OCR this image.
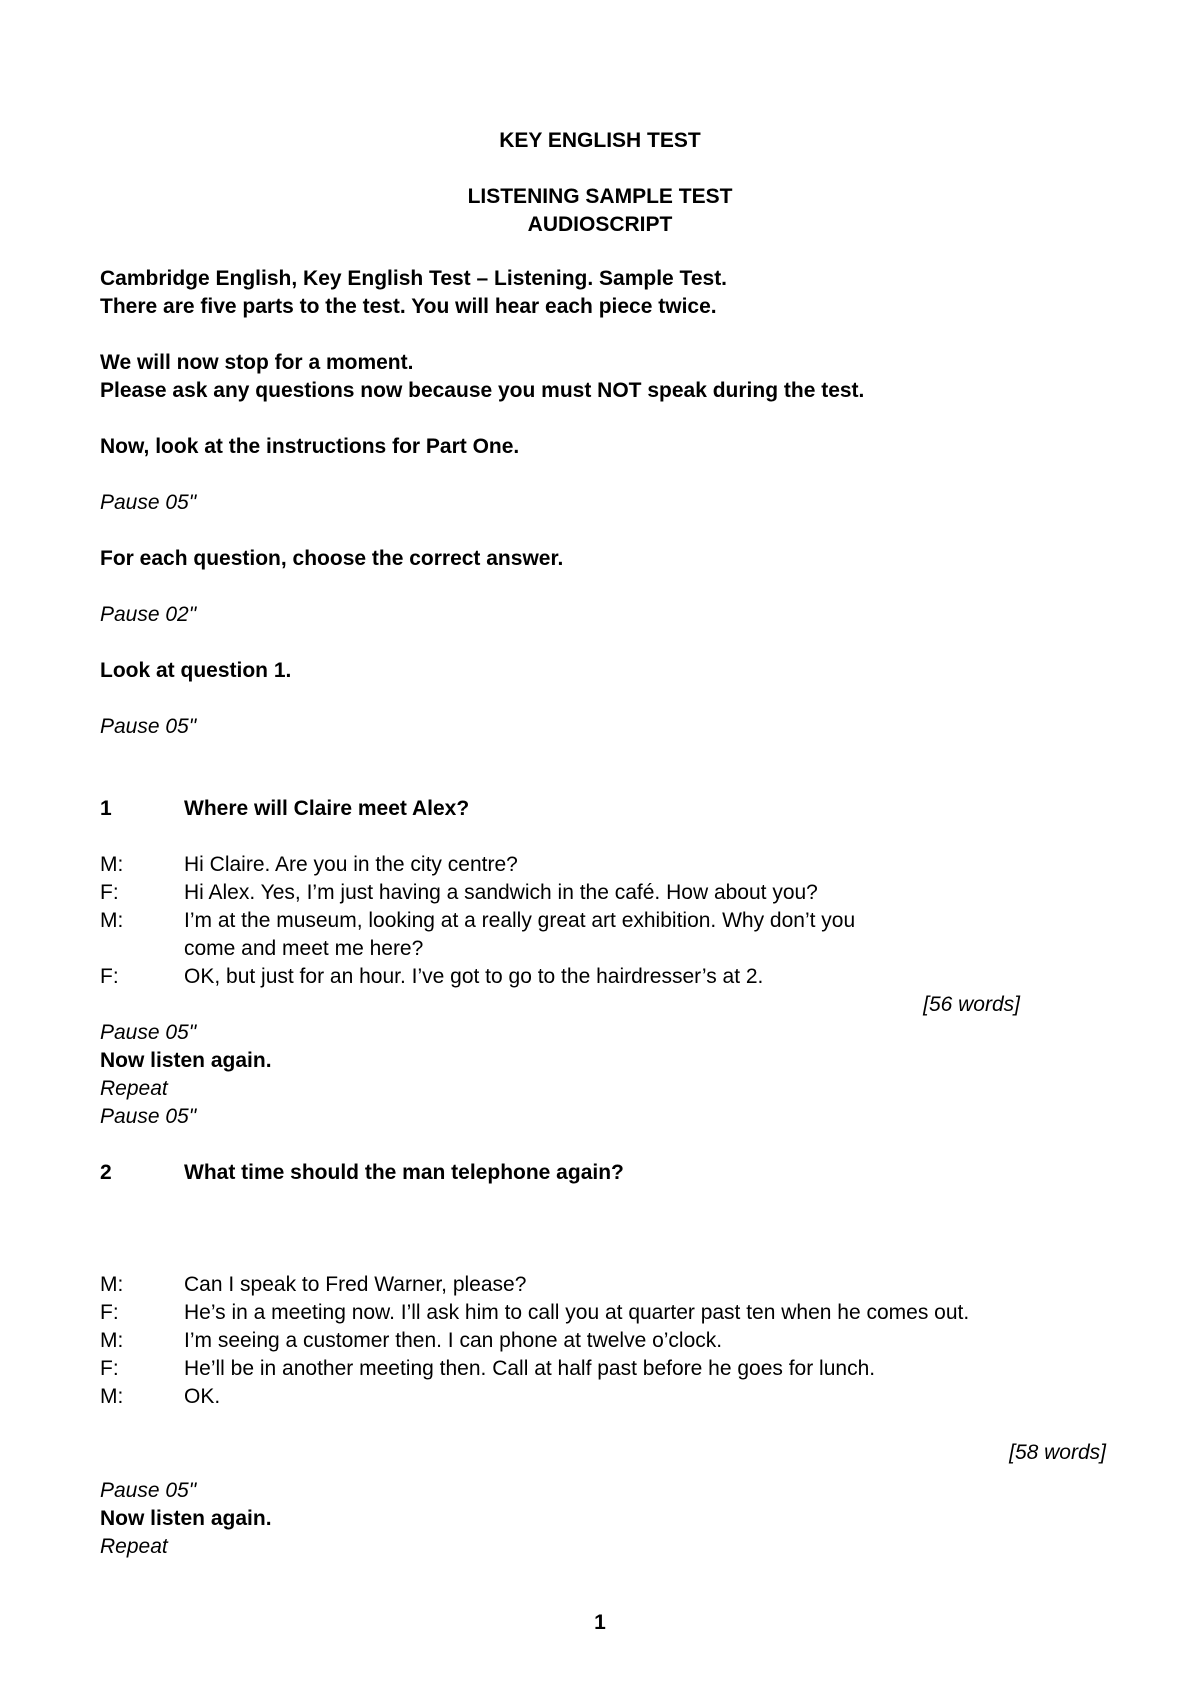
KEY ENGLISH TEST
LISTENING SAMPLE TEST
AUDIOSCRIPT
Cambridge English, Key English Test – Listening. Sample Test.
There are five parts to the test. You will hear each piece twice.
We will now stop for a moment.
Please ask any questions now because you must NOT speak during the test.
Now, look at the instructions for Part One.
Pause 05"
For each question, choose the correct answer.
Pause 02"
Look at question 1.
Pause 05"
1	Where will Claire meet Alex?
M:	Hi Claire. Are you in the city centre?
F:	Hi Alex. Yes, I’m just having a sandwich in the café. How about you?
M:	I’m at the museum, looking at a really great art exhibition. Why don’t you
come and meet me here?
F:	OK, but just for an hour. I’ve got to go to the hairdresser’s at 2.
[56 words]
Pause 05"
Now listen again.
Repeat
Pause 05"
2	What time should the man telephone again?
M:	Can I speak to Fred Warner, please?
F:	He’s in a meeting now. I’ll ask him to call you at quarter past ten when he comes out.
M:	I’m seeing a customer then. I can phone at twelve o’clock.
F:	He’ll be in another meeting then. Call at half past before he goes for lunch.
M:	OK.
[58 words]
Pause 05"
Now listen again.
Repeat
1
